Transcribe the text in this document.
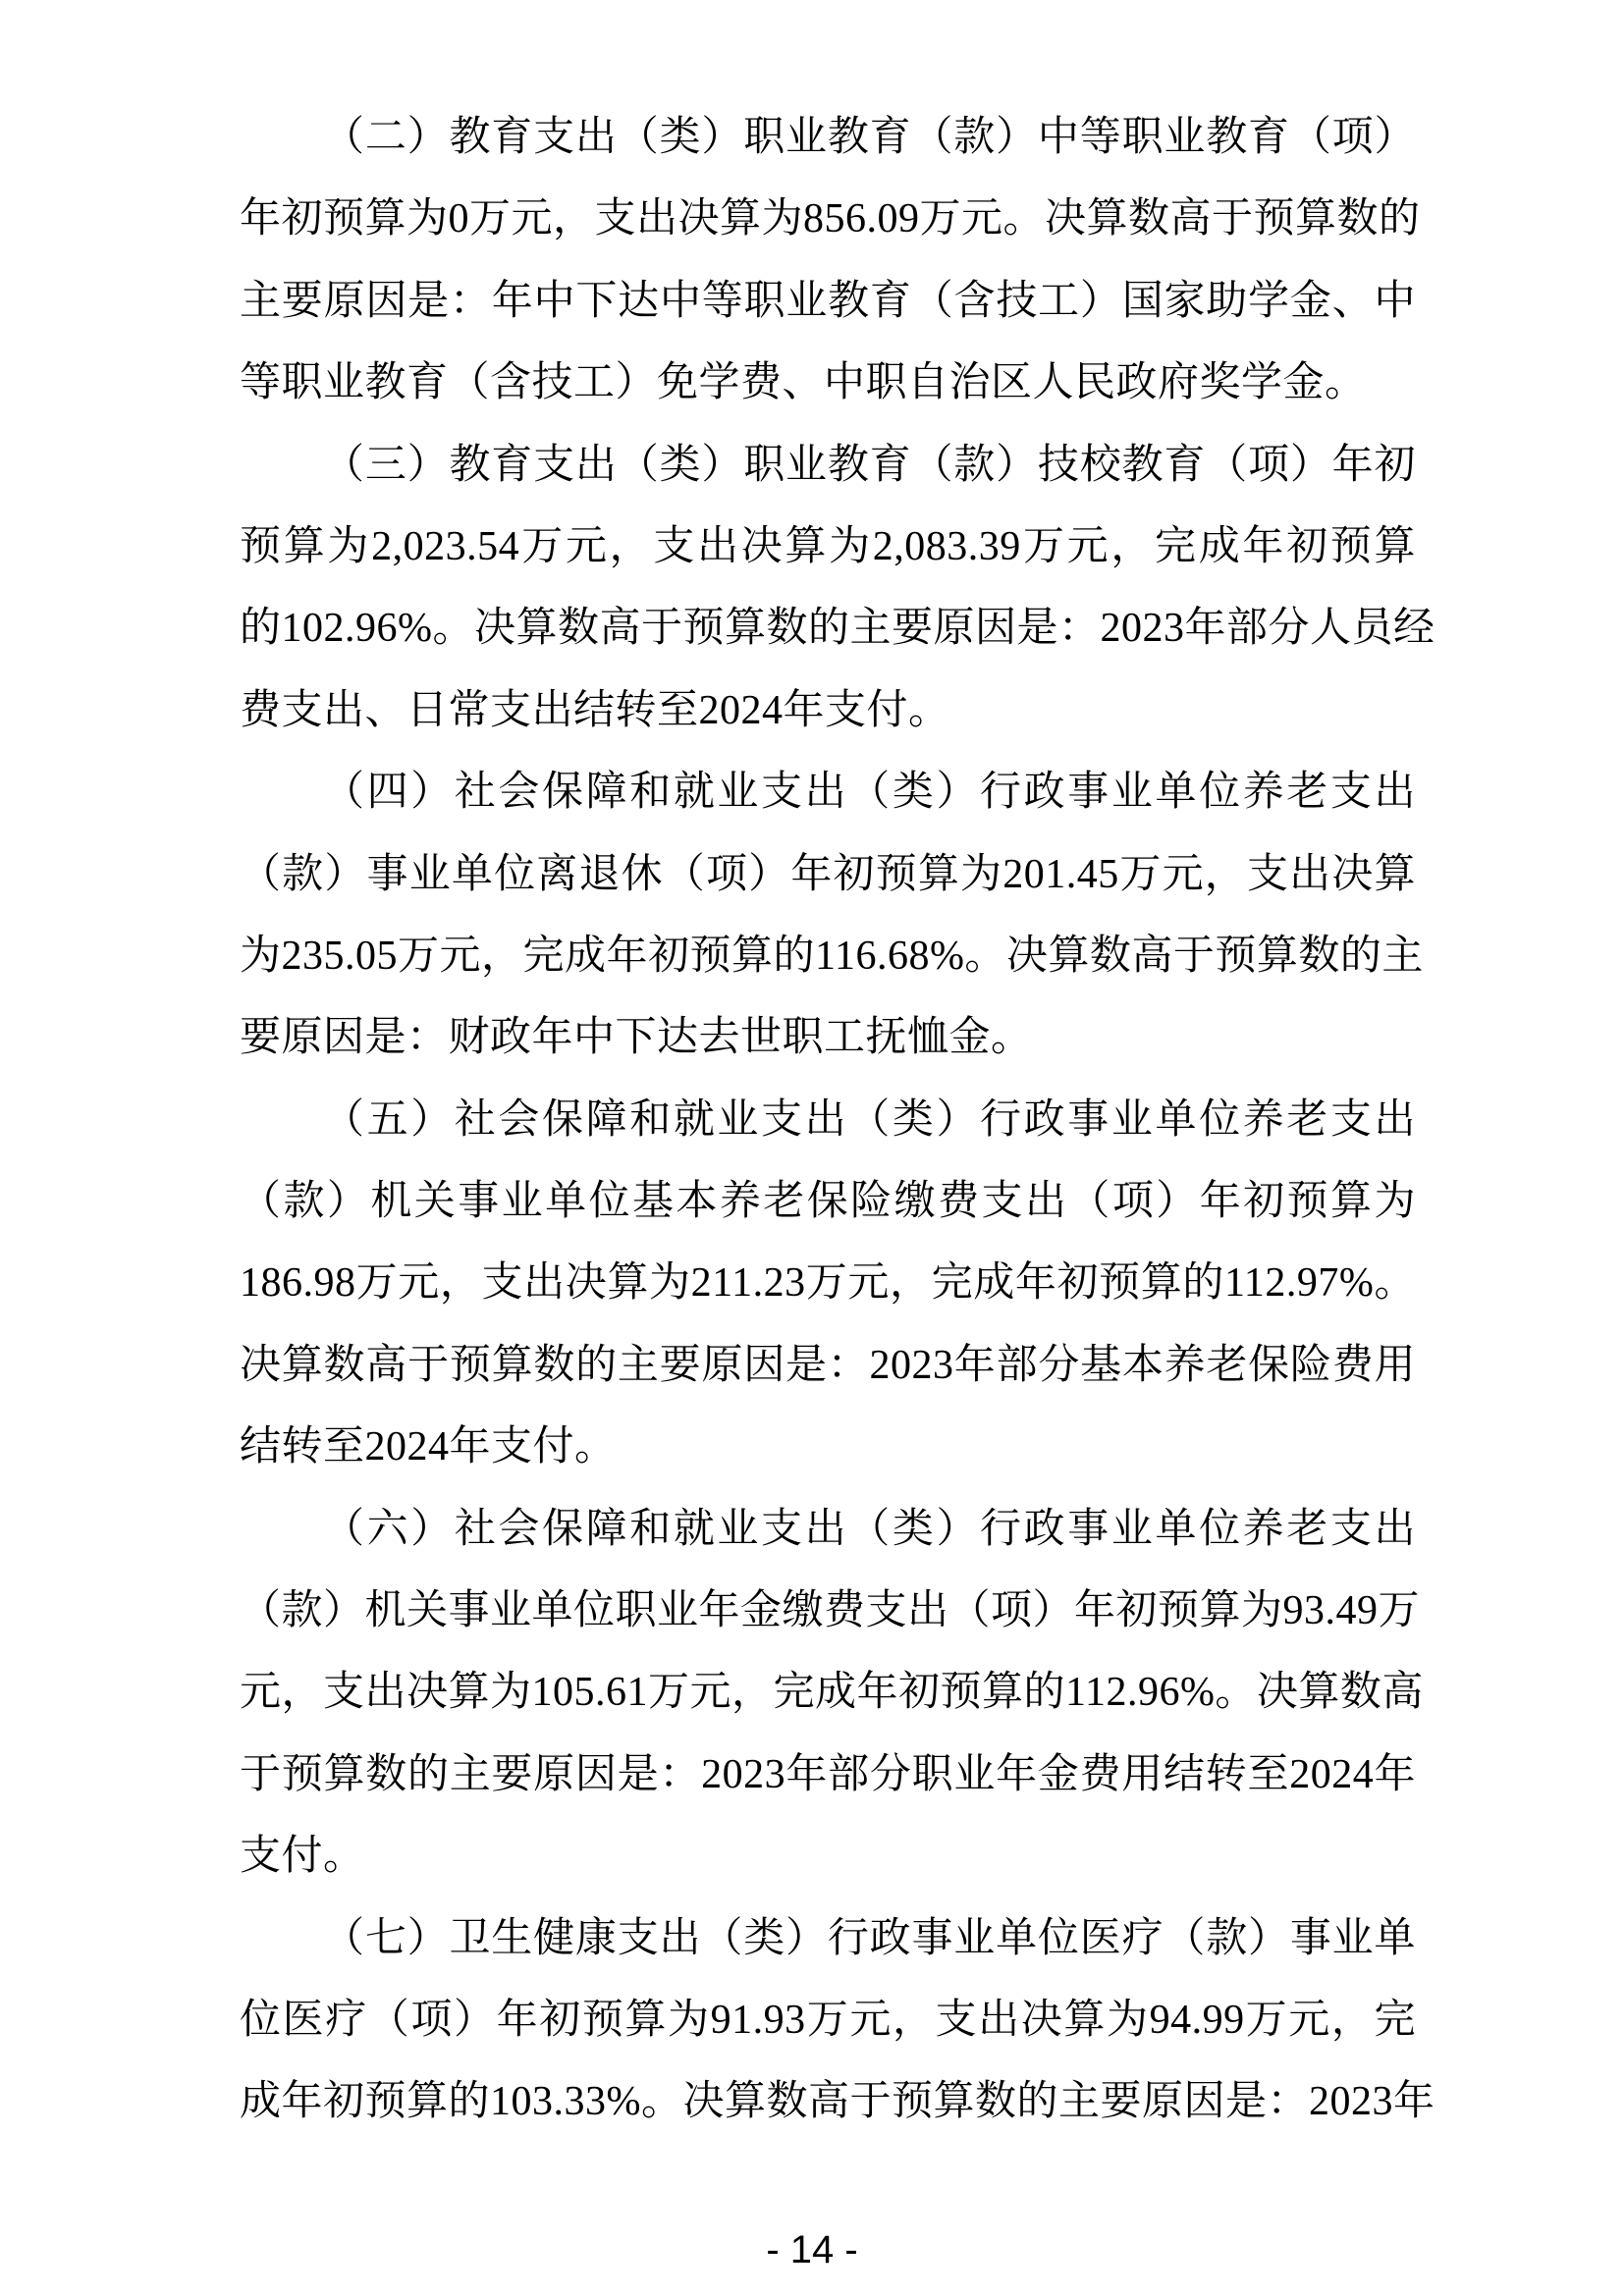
（二）教育支出（类）职业教育（款）中等职业教育（项）
年初预算为0万元，支出决算为856.09万元。决算数高于预算数的
主要原因是：年中下达中等职业教育（含技工）国家助学金、中
等职业教育（含技工）免学费、中职自治区人民政府奖学金。
（三）教育支出（类）职业教育（款）技校教育（项）年初
预算为2,023.54万元，支出决算为2,083.39万元，完成年初预算
的102.96%。决算数高于预算数的主要原因是：2023年部分人员经
费支出、日常支出结转至2024年支付。
（四）社会保障和就业支出（类）行政事业单位养老支出
（款）事业单位离退休（项）年初预算为201.45万元，支出决算
为235.05万元，完成年初预算的116.68%。决算数高于预算数的主
要原因是：财政年中下达去世职工抚恤金。
（五）社会保障和就业支出（类）行政事业单位养老支出
（款）机关事业单位基本养老保险缴费支出（项）年初预算为
186.98万元，支出决算为211.23万元，完成年初预算的112.97%。
决算数高于预算数的主要原因是：2023年部分基本养老保险费用
结转至2024年支付。
（六）社会保障和就业支出（类）行政事业单位养老支出
（款）机关事业单位职业年金缴费支出（项）年初预算为93.49万
元，支出决算为105.61万元，完成年初预算的112.96%。决算数高
于预算数的主要原因是：2023年部分职业年金费用结转至2024年
支付。
（七）卫生健康支出（类）行政事业单位医疗（款）事业单
位医疗（项）年初预算为91.93万元，支出决算为94.99万元，完
成年初预算的103.33%。决算数高于预算数的主要原因是：2023年
- 14 -
